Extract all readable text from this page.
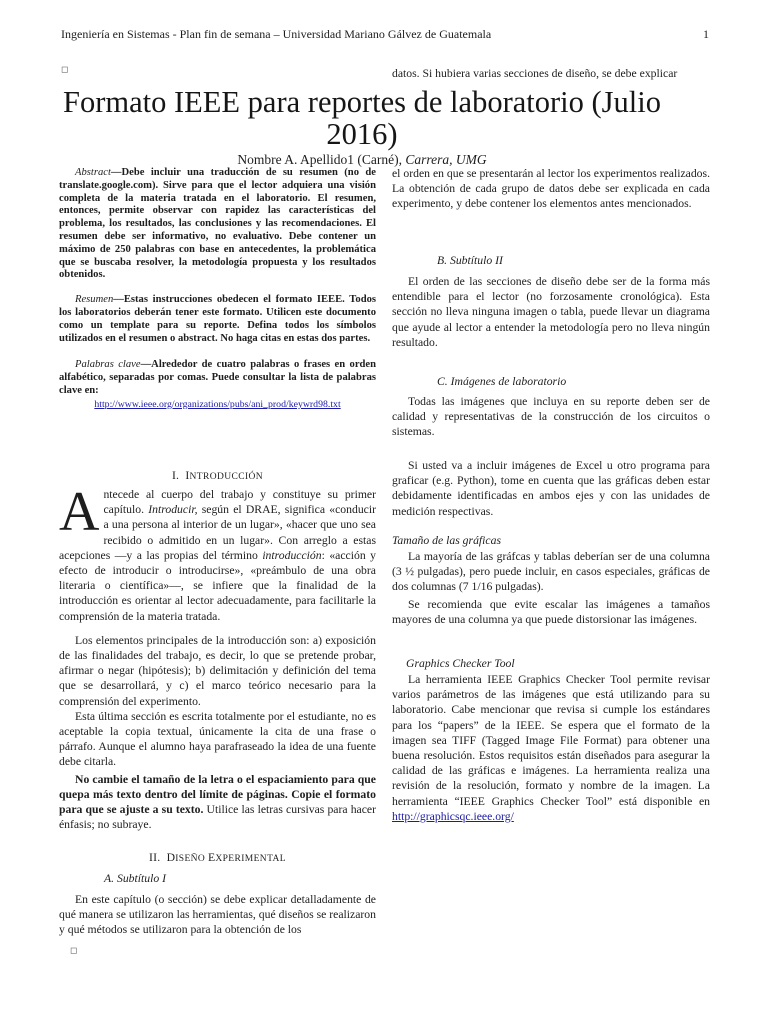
Ingeniería en Sistemas - Plan fin de semana – Universidad Mariano Gálvez de Guatemala	1
◻	datos. Si hubiera varias secciones de diseño, se debe explicar
Formato IEEE para reportes de laboratorio (Julio 2016)
Nombre A. Apellido1 (Carné), Carrera, UMG

Abstract—Debe incluir una traducción de su resumen (no de translate.google.com). Sirve para que el lector adquiera una visión completa de la materia tratada en el laboratorio. El resumen, entonces, permite observar con rapidez las características del problema, los resultados, las conclusiones y las recomendaciones. El resumen debe ser informativo, no evaluativo. Debe contener un máximo de 250 palabras con base en antecedentes, la problemática que se buscaba resolver, la metodología propuesta y los resultados obtenidos.

Resumen—Estas instrucciones obedecen el formato IEEE. Todos los laboratorios deberán tener este formato. Utilicen este documento como un template para su reporte. Defina todos los símbolos utilizados en el resumen o abstract. No haga citas en estas dos partes.

Palabras clave—Alrededor de cuatro palabras o frases en orden alfabético, separadas por comas. Puede consultar la lista de palabras clave en:

http://www.ieee.org/organizations/pubs/ani_prod/keywrd98.txt

I. INTRODUCCIÓN

Antecede al cuerpo del trabajo y constituye su primer capítulo. Introducir, según el DRAE, significa «conducir a una persona al interior de un lugar», «hacer que uno sea recibido o admitido en un lugar». Con arreglo a estas acepciones —y a las propias del término introducción: «acción y efecto de introducir o introducirse», «preámbulo de una obra literaria o científica»—, se infiere que la finalidad de la introducción es orientar al lector adecuadamente, para facilitarle la comprensión de la materia tratada.

Los elementos principales de la introducción son: a) exposición de las finalidades del trabajo, es decir, lo que se pretende probar, afirmar o negar (hipótesis); b) delimitación y definición del tema que se desarrollará, y c) el marco teórico necesario para la comprensión del experimento.

Esta última sección es escrita totalmente por el estudiante, no es aceptable la copia textual, únicamente la cita de una frase o párrafo. Aunque el alumno haya parafraseado la idea de una fuente debe citarla.

No cambie el tamaño de la letra o el espaciamiento para que quepa más texto dentro del límite de páginas. Copie el formato para que se ajuste a su texto. Utilice las letras cursivas para hacer énfasis; no subraye.

II. DISEÑO EXPERIMENTAL
A. Subtítulo I
En este capítulo (o sección) se debe explicar detalladamente de qué manera se utilizaron las herramientas, qué diseños se realizaron y qué métodos se utilizaron para la obtención de los
◻
el orden en que se presentarán al lector los experimentos realizados. La obtención de cada grupo de datos debe ser explicada en cada experimento, y debe contener los elementos antes mencionados.
B. Subtítulo II
El orden de las secciones de diseño debe ser de la forma más entendible para el lector (no forzosamente cronológica). Esta sección no lleva ninguna imagen o tabla, puede llevar un diagrama que ayude al lector a entender la metodología pero no lleva ningún resultado.
C. Imágenes de laboratorio
Todas las imágenes que incluya en su reporte deben ser de calidad y representativas de la construcción de los circuitos o sistemas.
Si usted va a incluir imágenes de Excel u otro programa para graficar (e.g. Python), tome en cuenta que las gráficas deben estar debidamente identificadas en ambos ejes y con las unidades de medición respectivas.
Tamaño de las gráficas
La mayoría de las gráfcas y tablas deberían ser de una columna (3 ½ pulgadas), pero puede incluir, en casos especiales, gráficas de dos columnas (7 1/16 pulgadas).
Se recomienda que evite escalar las imágenes a tamaños mayores de una columna ya que puede distorsionar las imágenes.
Graphics Checker Tool
La herramienta IEEE Graphics Checker Tool permite revisar varios parámetros de las imágenes que está utilizando para su laboratorio. Cabe mencionar que revisa si cumple los estándares para los “papers” de la IEEE. Se espera que el formato de la imagen sea TIFF (Tagged Image File Format) para obtener una buena resolución. Estos requisitos están diseñados para asegurar la calidad de las gráficas e imágenes. La herramienta realiza una revisión de la resolución, formato y nombre de la imagen. La herramienta “IEEE Graphics Checker Tool” está disponible en http://graphicsqc.ieee.org/
